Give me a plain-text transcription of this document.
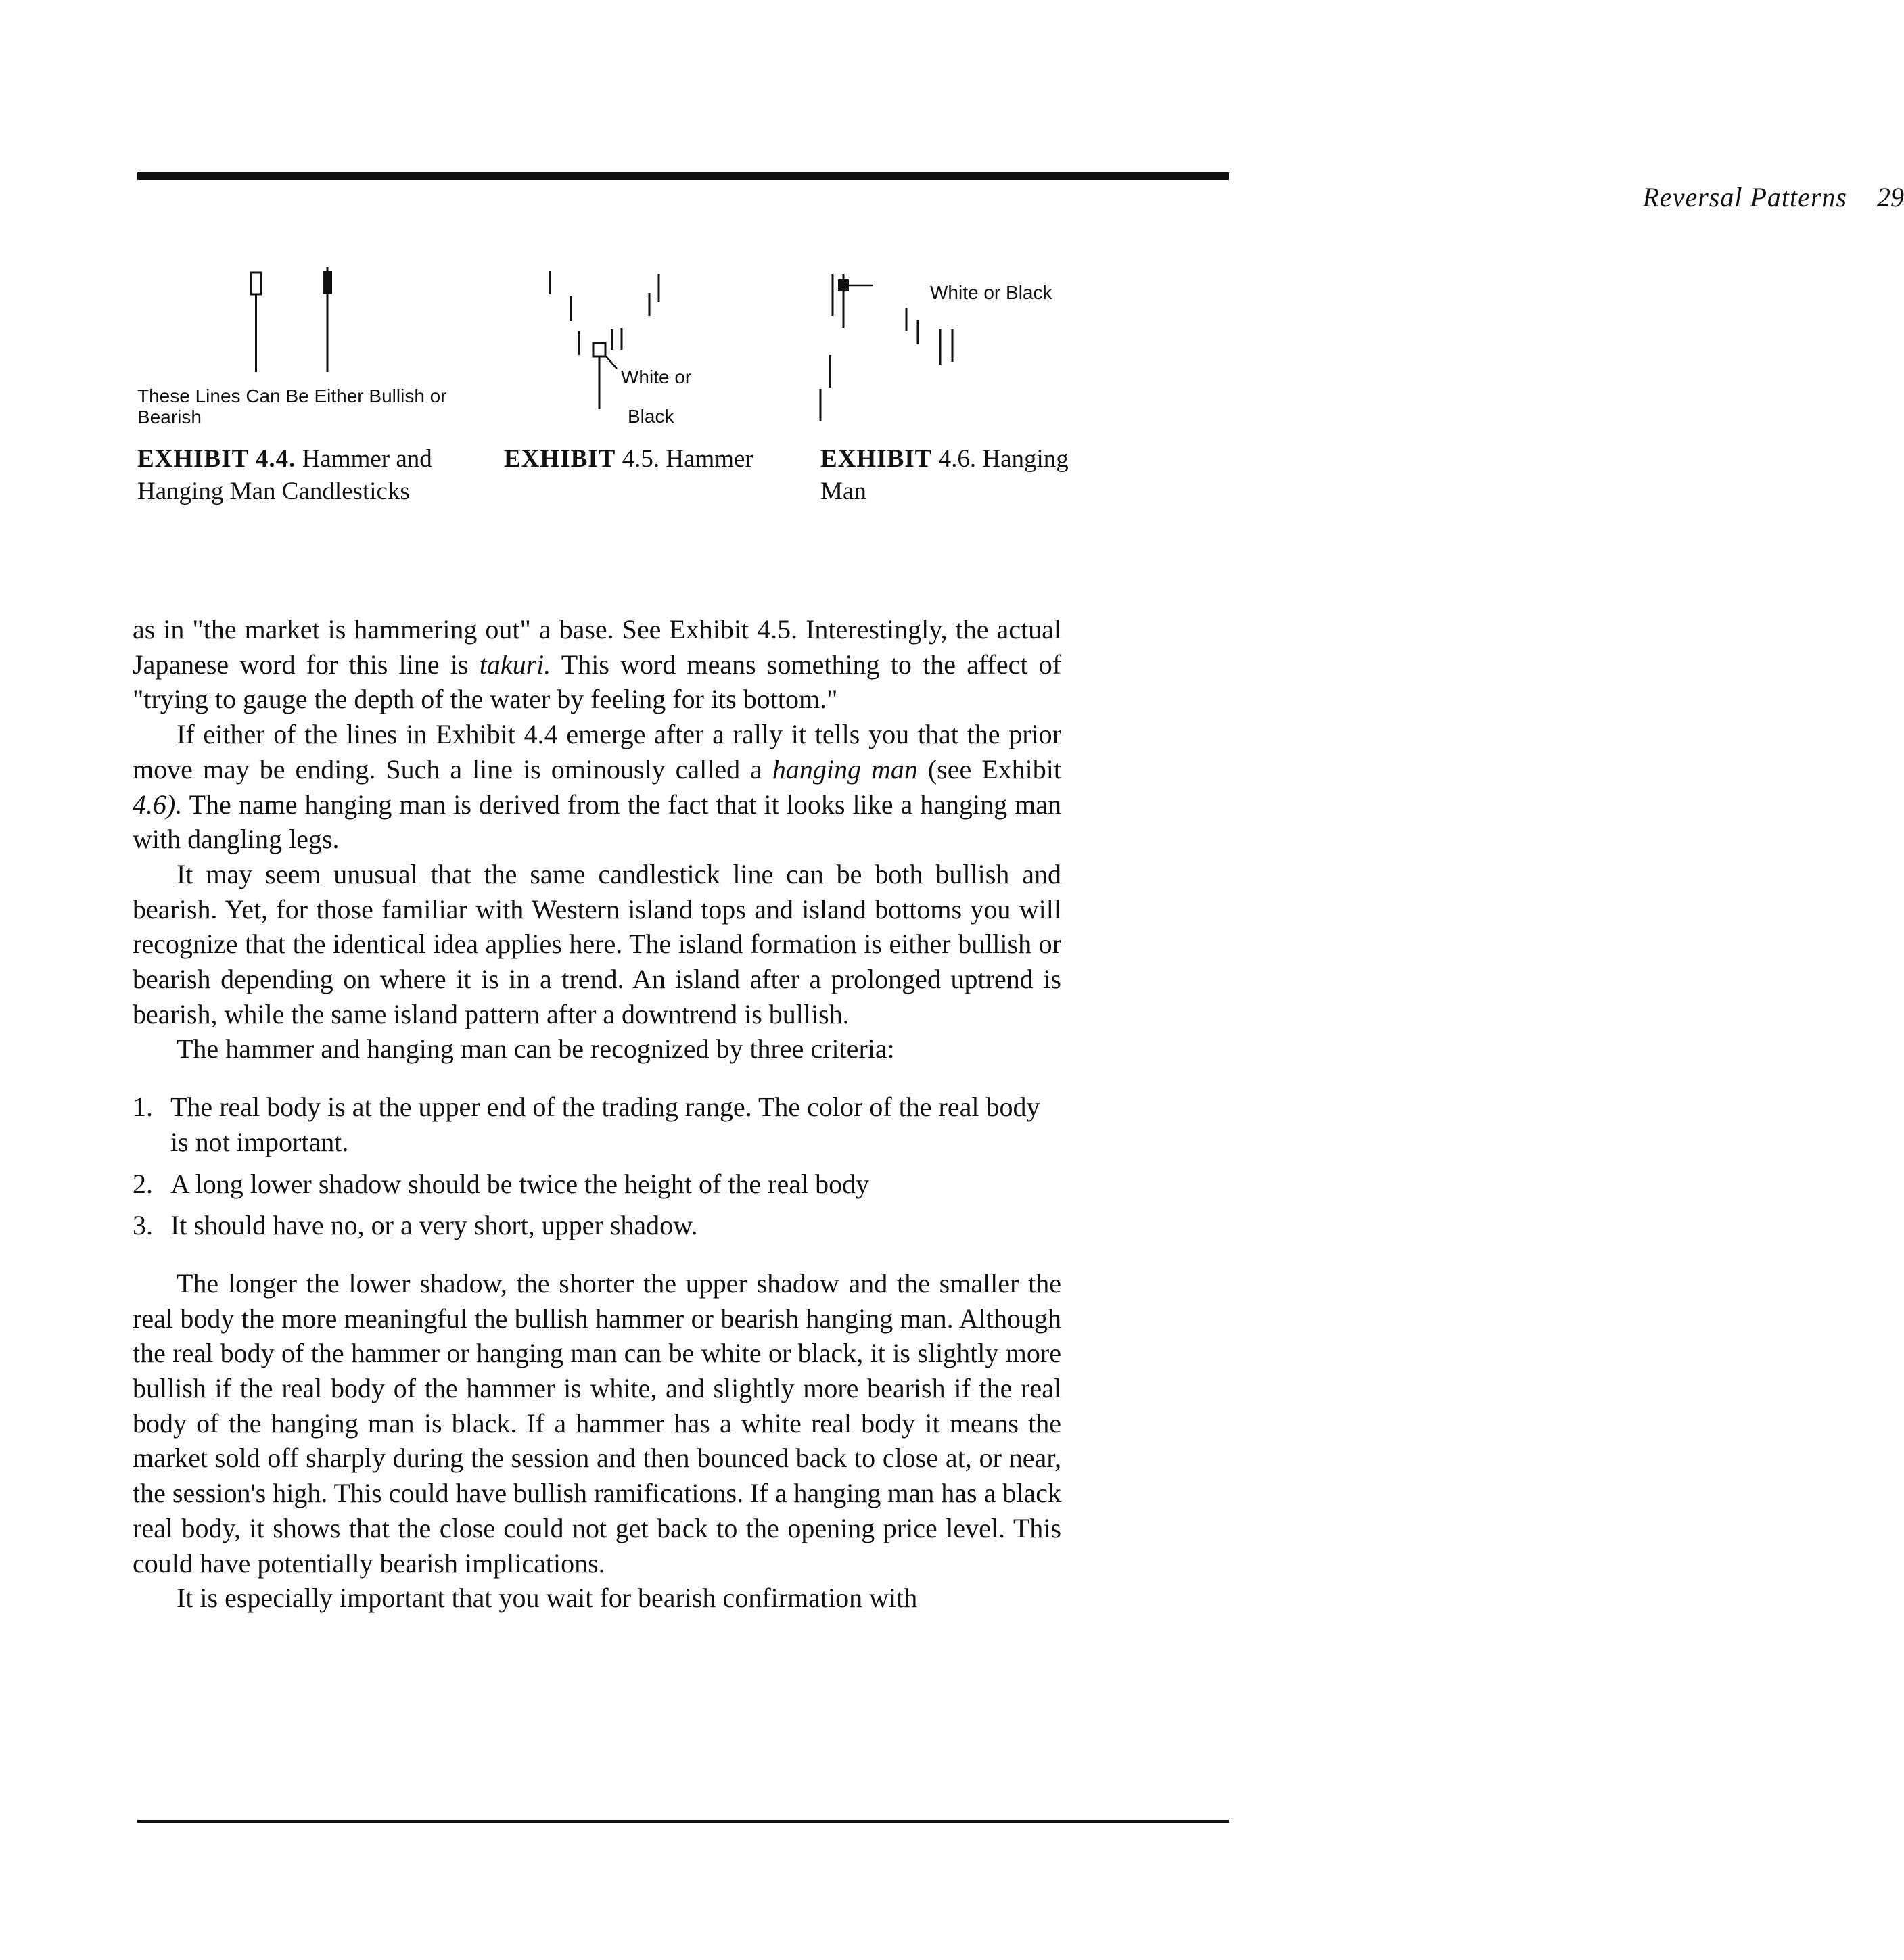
Reversal Patterns 29
These Lines Can Be Either Bullish or Bearish
EXHIBIT 4.4. Hammer and Hanging Man Candlesticks
White or
Black
EXHIBIT 4.5. Hammer
White or Black
EXHIBIT 4.6. Hanging Man

as in "the market is hammering out" a base. See Exhibit 4.5. Interestingly, the actual Japanese word for this line is takuri. This word means something to the affect of "trying to gauge the depth of the water by feeling for its bottom."

If either of the lines in Exhibit 4.4 emerge after a rally it tells you that the prior move may be ending. Such a line is ominously called a hanging man (see Exhibit 4.6). The name hanging man is derived from the fact that it looks like a hanging man with dangling legs.

It may seem unusual that the same candlestick line can be both bullish and bearish. Yet, for those familiar with Western island tops and island bottoms you will recognize that the identical idea applies here. The island formation is either bullish or bearish depending on where it is in a trend. An island after a prolonged uptrend is bearish, while the same island pattern after a downtrend is bullish.

The hammer and hanging man can be recognized by three criteria:

1. The real body is at the upper end of the trading range. The color of the real body is not important.
2. A long lower shadow should be twice the height of the real body
3. It should have no, or a very short, upper shadow.

The longer the lower shadow, the shorter the upper shadow and the smaller the real body the more meaningful the bullish hammer or bearish hanging man. Although the real body of the hammer or hanging man can be white or black, it is slightly more bullish if the real body of the hammer is white, and slightly more bearish if the real body of the hanging man is black. If a hammer has a white real body it means the market sold off sharply during the session and then bounced back to close at, or near, the session's high. This could have bullish ramifications. If a hanging man has a black real body, it shows that the close could not get back to the opening price level. This could have potentially bearish implications.

It is especially important that you wait for bearish confirmation with
